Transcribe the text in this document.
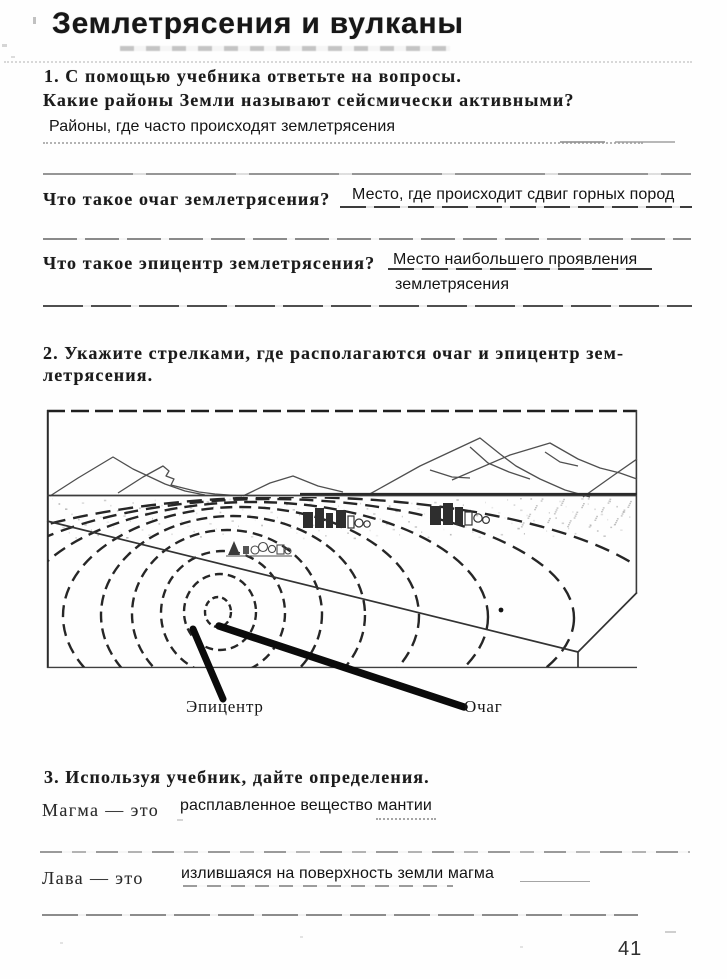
Землетрясения и вулканы
1. С помощью учебника ответьте на вопросы.
Какие районы Земли называют сейсмически активными?
Районы, где часто происходят землетрясения
Что такое очаг землетрясения? Место, где происходит сдвиг горных пород
Что такое эпицентр землетрясения? Место наибольшего проявления
землетрясения
2. Укажите стрелками, где располагаются очаг и эпицентр зем-
летрясения.
Эпицентр	Очаг
3. Используя учебник, дайте определения.
Магма — это расплавленное вещество мантии
Лава — это излившаяся на поверхность земли магма
41
